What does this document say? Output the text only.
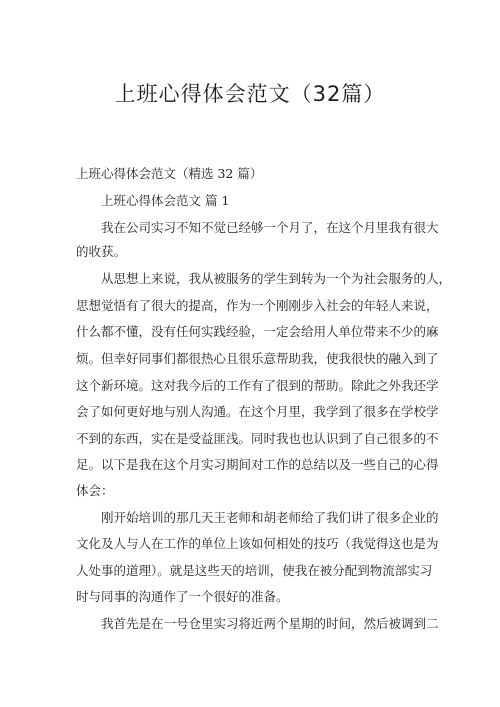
上班心得体会范文（32篇）

上班心得体会范文（精选 32 篇）

上班心得体会范文 篇 1

我在公司实习不知不觉已经够一个月了，在这个月里我有很大

的收获。

从思想上来说，我从被服务的学生到转为一个为社会服务的人，

思想觉悟有了很大的提高，作为一个刚刚步入社会的年轻人来说，

什么都不懂，没有任何实践经验，一定会给用人单位带来不少的麻

烦。但幸好同事们都很热心且很乐意帮助我，使我很快的融入到了

这个新环境。这对我今后的工作有了很到的帮助。除此之外我还学

会了如何更好地与别人沟通。在这个月里，我学到了很多在学校学

不到的东西，实在是受益匪浅。同时我也也认识到了自己很多的不

足。以下是我在这个月实习期间对工作的总结以及一些自己的心得

体会：

刚开始培训的那几天王老师和胡老师给了我们讲了很多企业的

文化及人与人在工作的单位上该如何相处的技巧（我觉得这也是为

人处事的道理）。就是这些天的培训，使我在被分配到物流部实习

时与同事的沟通作了一个很好的准备。

我首先是在一号仓里实习将近两个星期的时间，然后被调到二
